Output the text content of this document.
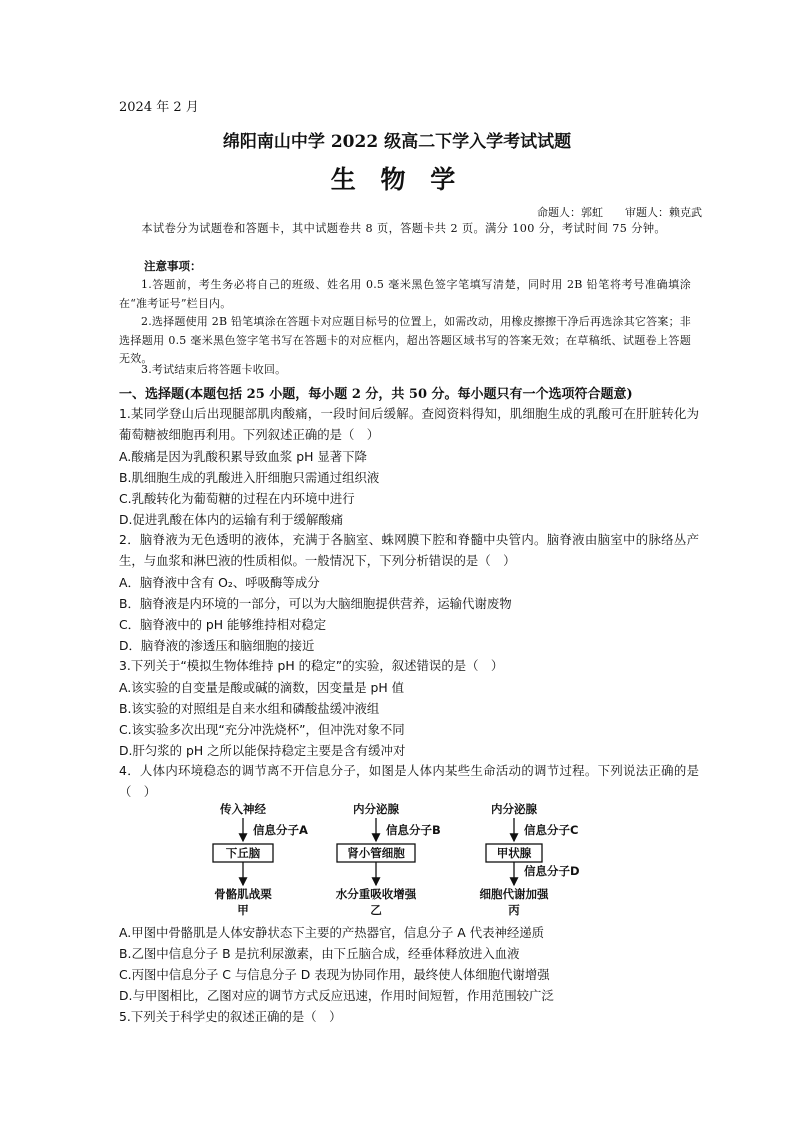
2024 年 2 月
绵阳南山中学 2022 级高二下学入学考试试题
生 物 学
命题人：郭虹 审题人：赖克武
本试卷分为试题卷和答题卡，其中试题卷共 8 页，答题卡共 2 页。满分 100 分，考试时间 75 分钟。
注意事项：
1.答题前，考生务必将自己的班级、姓名用 0.5 毫米黑色签字笔填写清楚，同时用 2B 铅笔将考号准确填涂在“准考证号”栏目内。
2.选择题使用 2B 铅笔填涂在答题卡对应题目标号的位置上，如需改动，用橡皮擦擦干净后再选涂其它答案；非选择题用 0.5 毫米黑色签字笔书写在答题卡的对应框内，超出答题区域书写的答案无效；在草稿纸、试题卷上答题无效。
3.考试结束后将答题卡收回。
一、选择题(本题包括 25 小题，每小题 2 分，共 50 分。每小题只有一个选项符合题意)
1.某同学登山后出现腿部肌肉酸痛，一段时间后缓解。查阅资料得知，肌细胞生成的乳酸可在肝脏转化为葡萄糖被细胞再利用。下列叙述正确的是（　）
A.酸痛是因为乳酸积累导致血浆 pH 显著下降
B.肌细胞生成的乳酸进入肝细胞只需通过组织液
C.乳酸转化为葡萄糖的过程在内环境中进行
D.促进乳酸在体内的运输有利于缓解酸痛
2．脑脊液为无色透明的液体，充满于各脑室、蛛网膜下腔和脊髓中央管内。脑脊液由脑室中的脉络丛产生，与血浆和淋巴液的性质相似。一般情况下，下列分析错误的是（　）
A．脑脊液中含有 O₂、呼吸酶等成分
B．脑脊液是内环境的一部分，可以为大脑细胞提供营养，运输代谢废物
C．脑脊液中的 pH 能够维持相对稳定
D．脑脊液的渗透压和脑细胞的接近
3.下列关于“模拟生物体维持 pH 的稳定”的实验，叙述错误的是（　）
A.该实验的自变量是酸或碱的滴数，因变量是 pH 值
B.该实验的对照组是自来水组和磷酸盐缓冲液组
C.该实验多次出现“充分冲洗烧杯”，但冲洗对象不同
D.肝匀浆的 pH 之所以能保持稳定主要是含有缓冲对
4．人体内环境稳态的调节离不开信息分子，如图是人体内某些生命活动的调节过程。下列说法正确的是（　）
传入神经
信息分子A
下丘脑
骨骼肌战栗
甲
内分泌腺
信息分子B
肾小管细胞
水分重吸收增强
乙
内分泌腺
信息分子C
甲状腺
信息分子D
细胞代谢加强
丙
A.甲图中骨骼肌是人体安静状态下主要的产热器官，信息分子 A 代表神经递质
B.乙图中信息分子 B 是抗利尿激素，由下丘脑合成，经垂体释放进入血液
C.丙图中信息分子 C 与信息分子 D 表现为协同作用，最终使人体细胞代谢增强
D.与甲图相比，乙图对应的调节方式反应迅速，作用时间短暂，作用范围较广泛
5.下列关于科学史的叙述正确的是（　）
